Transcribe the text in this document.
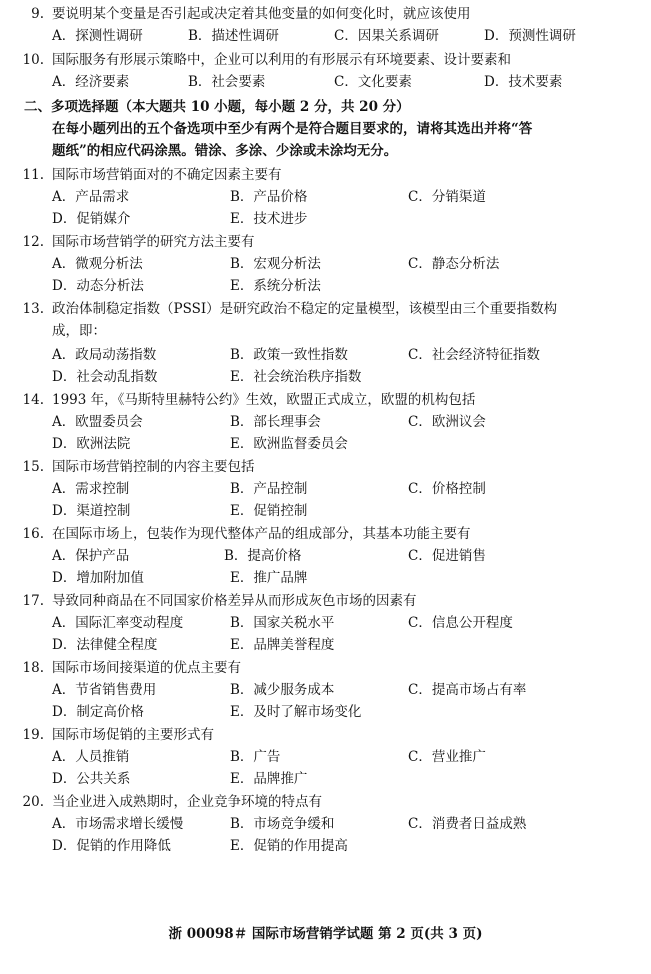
9. 要说明某个变量是否引起或决定着其他变量的如何变化时，就应该使用
A．探测性调研	B．描述性调研	C．因果关系调研	D．预测性调研
10. 国际服务有形展示策略中，企业可以利用的有形展示有环境要素、设计要素和
A．经济要素	B．社会要素	C．文化要素	D．技术要素
二、多项选择题（本大题共 10 小题，每小题 2 分，共 20 分）
在每小题列出的五个备选项中至少有两个是符合题目要求的，请将其选出并将“答
题纸”的相应代码涂黑。错涂、多涂、少涂或未涂均无分。
11. 国际市场营销面对的不确定因素主要有
A．产品需求	B．产品价格	C．分销渠道
D．促销媒介	E．技术进步
12. 国际市场营销学的研究方法主要有
A．微观分析法	B．宏观分析法	C．静态分析法
D．动态分析法	E．系统分析法
13. 政治体制稳定指数（PSSI）是研究政治不稳定的定量模型，该模型由三个重要指数构
成，即：
A．政局动荡指数	B．政策一致性指数	C．社会经济特征指数
D．社会动乱指数	E．社会统治秩序指数
14. 1993 年，《马斯特里赫特公约》生效，欧盟正式成立，欧盟的机构包括
A．欧盟委员会	B．部长理事会	C．欧洲议会
D．欧洲法院	E．欧洲监督委员会
15. 国际市场营销控制的内容主要包括
A．需求控制	B．产品控制	C．价格控制
D．渠道控制	E．促销控制
16. 在国际市场上，包装作为现代整体产品的组成部分，其基本功能主要有
A．保护产品	B．提高价格	C．促进销售
D．增加附加值	E．推广品牌
17. 导致同种商品在不同国家价格差异从而形成灰色市场的因素有
A．国际汇率变动程度	B．国家关税水平	C．信息公开程度
D．法律健全程度	E．品牌美誉程度
18. 国际市场间接渠道的优点主要有
A．节省销售费用	B．减少服务成本	C．提高市场占有率
D．制定高价格	E．及时了解市场变化
19. 国际市场促销的主要形式有
A．人员推销	B．广告	C．营业推广
D．公共关系	E．品牌推广
20. 当企业进入成熟期时，企业竞争环境的特点有
A．市场需求增长缓慢	B．市场竞争缓和	C．消费者日益成熟
D．促销的作用降低	E．促销的作用提高
浙 00098＃ 国际市场营销学试题 第 2 页(共 3 页)
